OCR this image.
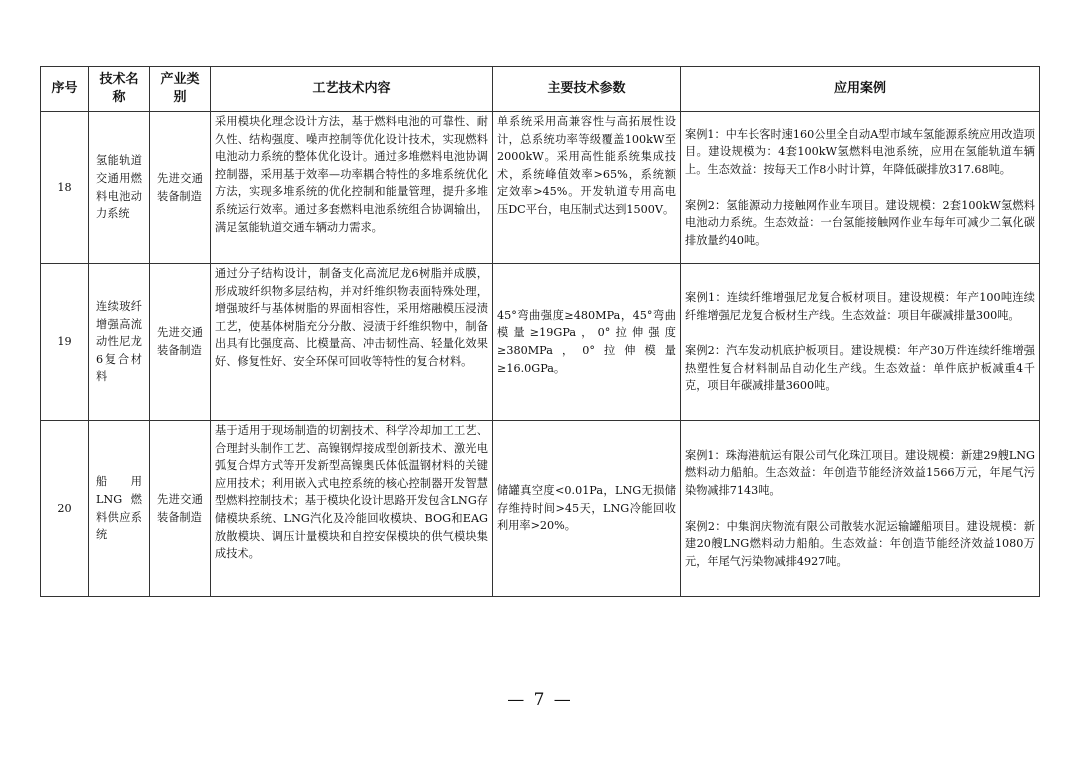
序号	技术名称	产业类别	工艺技术内容	主要技术参数	应用案例
18	氢能轨道交通用燃料电池动力系统	先进交通装备制造	采用模块化理念设计方法，基于燃料电池的可靠性、耐久性、结构强度、噪声控制等优化设计技术，实现燃料电池动力系统的整体优化设计。通过多堆燃料电池协调控制器，采用基于效率—功率耦合特性的多堆系统优化方法，实现多堆系统的优化控制和能量管理，提升多堆系统运行效率。通过多套燃料电池系统组合协调输出，满足氢能轨道交通车辆动力需求。	单系统采用高兼容性与高拓展性设计，总系统功率等级覆盖100kW至2000kW。采用高性能系统集成技术，系统峰值效率>65%，系统额定效率>45%。开发轨道专用高电压DC平台，电压制式达到1500V。	案例1：中车长客时速160公里全自动A型市域车氢能源系统应用改造项目。建设规模为：4套100kW氢燃料电池系统，应用在氢能轨道车辆上。生态效益：按每天工作8小时计算，年降低碳排放317.68吨。
案例2：氢能源动力接触网作业车项目。建设规模：2套100kW氢燃料电池动力系统。生态效益：一台氢能接触网作业车每年可减少二氧化碳排放量约40吨。

19	连续玻纤增强高流动性尼龙6复合材料	先进交通装备制造	通过分子结构设计，制备支化高流尼龙6树脂并成膜，形成玻纤织物多层结构，并对纤维织物表面特殊处理，增强玻纤与基体树脂的界面相容性，采用熔融模压浸渍工艺，使基体树脂充分分散、浸渍于纤维织物中，制备出具有比强度高、比模量高、冲击韧性高、轻量化效果好、修复性好、安全环保可回收等特性的复合材料。	45°弯曲强度≥480MPa，45°弯曲模量≥19GPa，0°拉伸强度≥380MPa，0°拉伸模量≥16.0GPa。	案例1：连续纤维增强尼龙复合板材项目。建设规模：年产100吨连续纤维增强尼龙复合板材生产线。生态效益：项目年碳减排量300吨。
案例2：汽车发动机底护板项目。建设规模：年产30万件连续纤维增强热塑性复合材料制品自动化生产线。生态效益：单件底护板减重4千克，项目年碳减排量3600吨。

20	船用LNG燃料供应系统	先进交通装备制造	基于适用于现场制造的切割技术、科学冷却加工工艺、合理封头制作工艺、高镍钢焊接成型创新技术、激光电弧复合焊方式等开发新型高镍奥氏体低温钢材料的关键应用技术；利用嵌入式电控系统的核心控制器开发智慧型燃料控制技术；基于模块化设计思路开发包含LNG存储模块系统、LNG汽化及冷能回收模块、BOG和EAG放散模块、调压计量模块和自控安保模块的供气模块集成技术。	储罐真空度<0.01Pa，LNG无损储存维持时间>45天，LNG冷能回收利用率>20%。	案例1：珠海港航运有限公司气化珠江项目。建设规模：新建29艘LNG燃料动力船舶。生态效益：年创造节能经济效益1566万元，年尾气污染物减排7143吨。
案例2：中集润庆物流有限公司散装水泥运输罐船项目。建设规模：新建20艘LNG燃料动力船舶。生态效益：年创造节能经济效益1080万元，年尾气污染物减排4927吨。
— 7 —
